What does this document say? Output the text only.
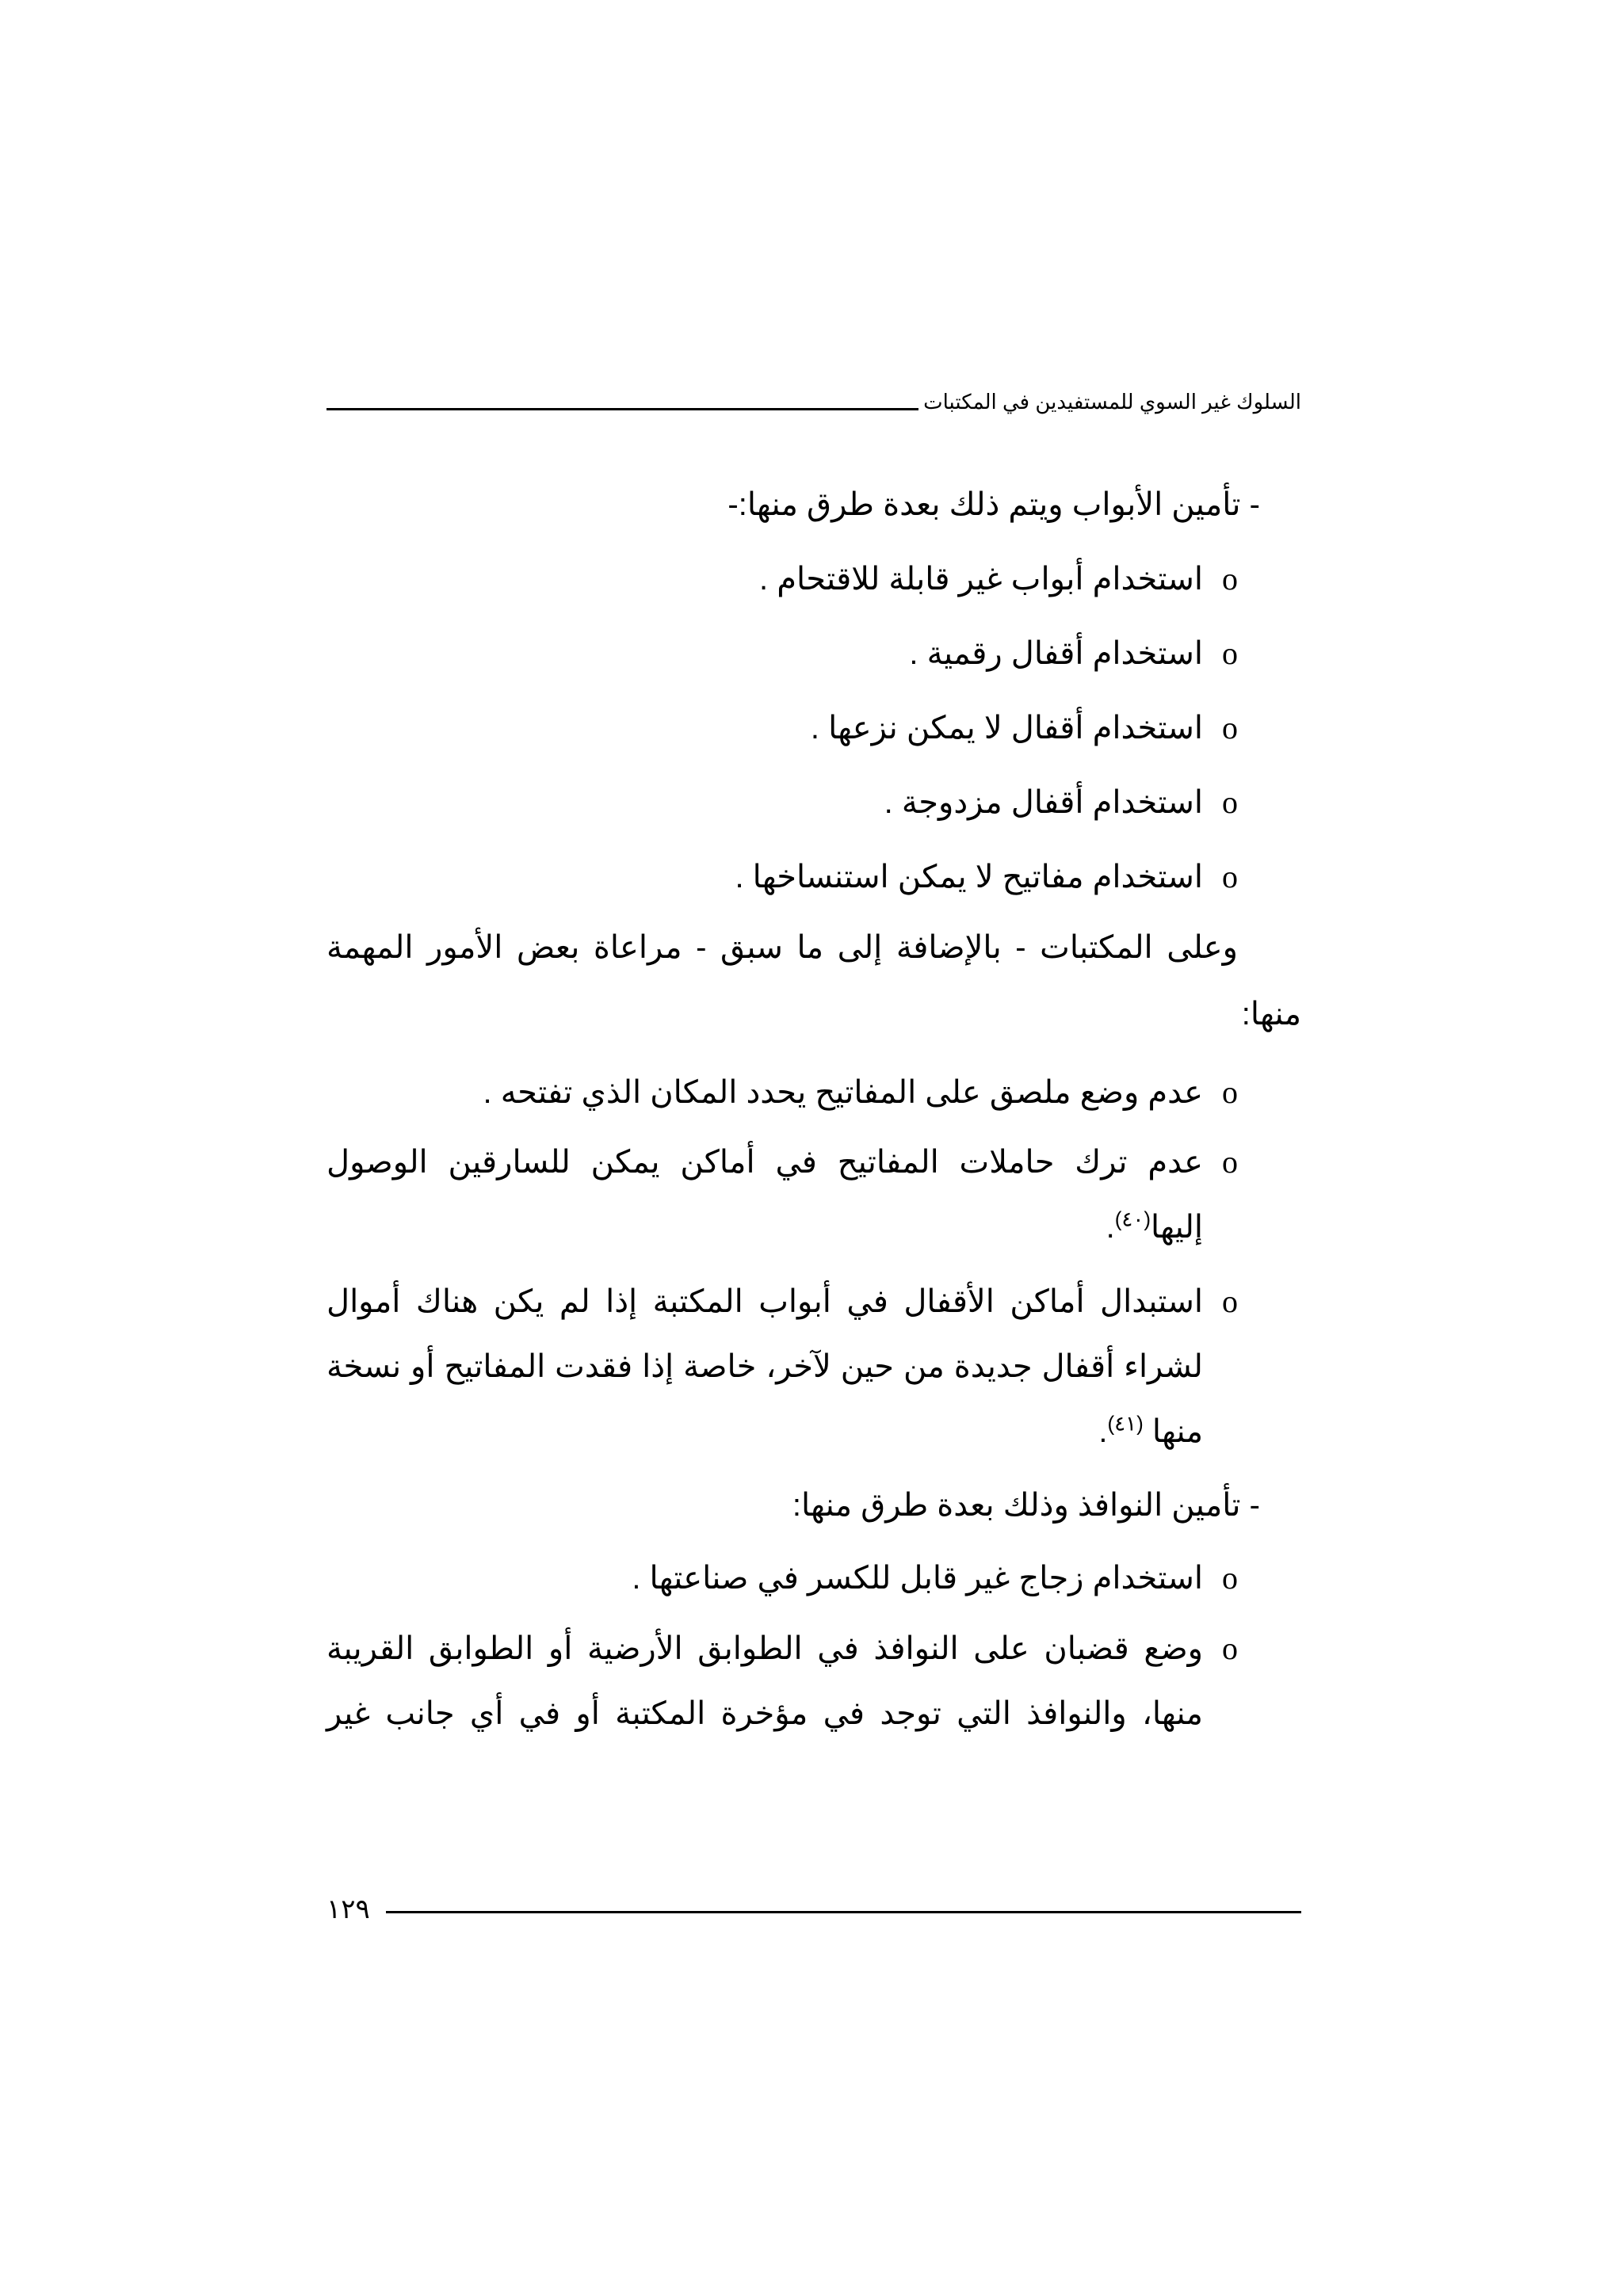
السلوك غير السوي للمستفيدين في المكتبات
- تأمين الأبواب ويتم ذلك بعدة طرق منها:-
oاستخدام أبواب غير قابلة للاقتحام .
oاستخدام أقفال رقمية .
oاستخدام أقفال لا يمكن نزعها .
oاستخدام أقفال مزدوجة .
oاستخدام مفاتيح لا يمكن استنساخها .
وعلى المكتبات - بالإضافة إلى ما سبق - مراعاة بعض الأمور المهمة
منها:
oعدم وضع ملصق على المفاتيح يحدد المكان الذي تفتحه .
o
عدم ترك حاملات المفاتيح في أماكن يمكن للسارقين الوصول
إليها$^{(٤٠)}$.
o
استبدال أماكن الأقفال في أبواب المكتبة إذا لم يكن هناك أموال
لشراء أقفال جديدة من حين لآخر، خاصة إذا فقدت المفاتيح أو نسخة
منها $^{(٤١)}$.
- تأمين النوافذ وذلك بعدة طرق منها:
oاستخدام زجاج غير قابل للكسر في صناعتها .
o
وضع قضبان على النوافذ في الطوابق الأرضية أو الطوابق القريبة
منها، والنوافذ التي توجد في مؤخرة المكتبة أو في أي جانب غير
١٢٩
